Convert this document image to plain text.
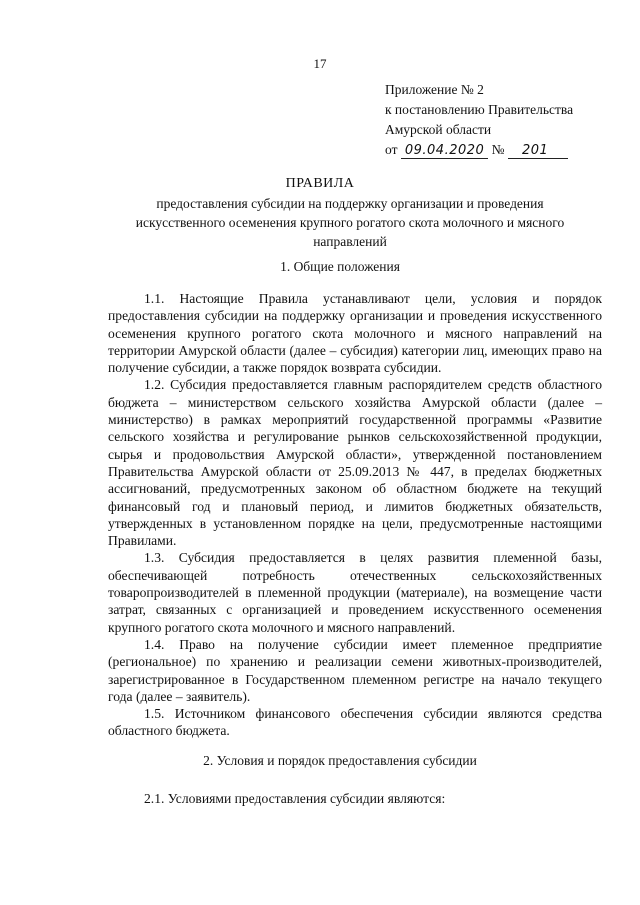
17
Приложение № 2
к постановлению Правительства
Амурской области
от 09.04.2020 № 201
ПРАВИЛА
предоставления субсидии на поддержку организации и проведения искусственного осеменения крупного рогатого скота молочного и мясного направлений
1. Общие положения

1.1. Настоящие Правила устанавливают цели, условия и порядок предоставления субсидии на поддержку организации и проведения искусственного осеменения крупного рогатого скота молочного и мясного направлений на территории Амурской области (далее – субсидия) категории лиц, имеющих право на получение субсидии, а также порядок возврата субсидии.

1.2. Субсидия предоставляется главным распорядителем средств областного бюджета – министерством сельского хозяйства Амурской области (далее – министерство) в рамках мероприятий государственной программы «Развитие сельского хозяйства и регулирование рынков сельскохозяйственной продукции, сырья и продовольствия Амурской области», утвержденной постановлением Правительства Амурской области от 25.09.2013 № 447, в пределах бюджетных ассигнований, предусмотренных законом об областном бюджете на текущий финансовый год и плановый период, и лимитов бюджетных обязательств, утвержденных в установленном порядке на цели, предусмотренные настоящими Правилами.

1.3. Субсидия предоставляется в целях развития племенной базы, обеспечивающей потребность отечественных сельскохозяйственных товаропроизводителей в племенной продукции (материале), на возмещение части затрат, связанных с организацией и проведением искусственного осеменения крупного рогатого скота молочного и мясного направлений.

1.4. Право на получение субсидии имеет племенное предприятие (региональное) по хранению и реализации семени животных-производителей, зарегистрированное в Государственном племенном регистре на начало текущего года (далее – заявитель).

1.5. Источником финансового обеспечения субсидии являются средства областного бюджета.

2. Условия и порядок предоставления субсидии

2.1. Условиями предоставления субсидии являются:
